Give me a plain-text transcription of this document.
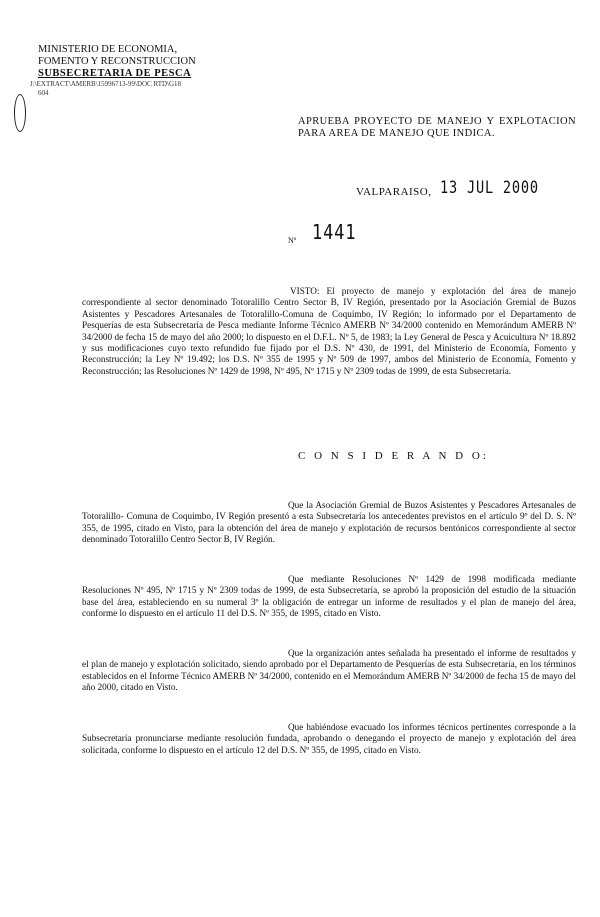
MINISTERIO DE ECONOMIA,
FOMENTO Y RECONSTRUCCION
SUBSECRETARIA DE PESCA
J:\EXTRACT\AMERB\15996713-99\DOC RTD\G18
604
APRUEBA PROYECTO DE MANEJO Y EXPLOTACION PARA AREA DE MANEJO QUE INDICA.
VALPARAISO, 13 JUL 2000
Nº 1441
VISTO: El proyecto de manejo y explotación del área de manejo correspondiente al sector denominado Totoralillo Centro Sector B, IV Región, presentado por la Asociación Gremial de Buzos Asistentes y Pescadores Artesanales de Totoralillo-Comuna de Coquimbo, IV Región; lo informado por el Departamento de Pesquerías de esta Subsecretaría de Pesca mediante Informe Técnico AMERB Nº 34/2000 contenido en Memorándum AMERB Nº 34/2000 de fecha 15 de mayo del año 2000; lo dispuesto en el D.F.L. Nº 5, de 1983; la Ley General de Pesca y Acuicultura Nº 18.892 y sus modificaciones cuyo texto refundido fue fijado por el D.S. Nº 430, de 1991, del Ministerio de Economía, Fomento y Reconstrucción; la Ley Nº 19.492; los D.S. Nº 355 de 1995 y Nº 509 de 1997, ambos del Ministerio de Economía, Fomento y Reconstrucción; las Resoluciones Nº 1429 de 1998, Nº 495, Nº 1715 y Nº 2309 todas de 1999, de esta Subsecretaría.
C O N S I D E R A N D O:
Que la Asociación Gremial de Buzos Asistentes y Pescadores Artesanales de Totoralillo- Comuna de Coquimbo, IV Región presentó a esta Subsecretaría los antecedentes previstos en el artículo 9º del D. S. Nº 355, de 1995, citado en Visto, para la obtención del área de manejo y explotación de recursos bentónicos correspondiente al sector denominado Totoralillo Centro Sector B, IV Región.
Que mediante Resoluciones Nº 1429 de 1998 modificada mediante Resoluciones Nº 495, Nº 1715 y Nº 2309 todas de 1999, de esta Subsecretaría, se aprobó la proposición del estudio de la situación base del área, estableciendo en su numeral 3º la obligación de entregar un informe de resultados y el plan de manejo del área, conforme lo dispuesto en el artículo 11 del D.S. Nº 355, de 1995, citado en Visto.
Que la organización antes señalada ha presentado el informe de resultados y el plan de manejo y explotación solicitado, siendo aprobado por el Departamento de Pesquerías de esta Subsecretaría, en los términos establecidos en el Informe Técnico AMERB Nº 34/2000, contenido en el Memorándum AMERB Nº 34/2000 de fecha 15 de mayo del año 2000, citado en Visto.
Que habiéndose evacuado los informes técnicos pertinentes corresponde a la Subsecretaría pronunciarse mediante resolución fundada, aprobando o denegando el proyecto de manejo y explotación del área solicitada, conforme lo dispuesto en el artículo 12 del D.S. Nº 355, de 1995, citado en Visto.
